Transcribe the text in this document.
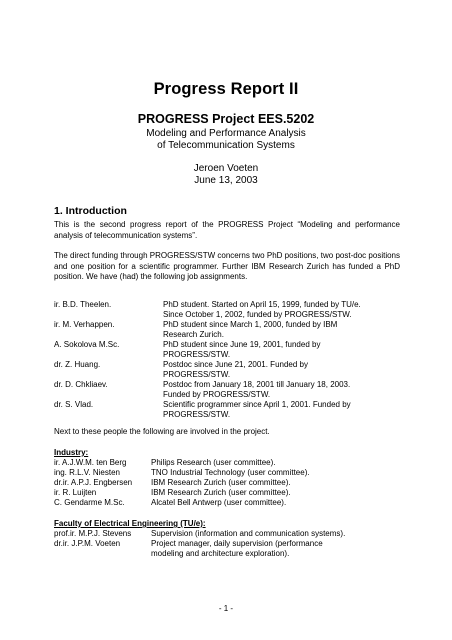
Progress Report II
PROGRESS Project EES.5202
Modeling and Performance Analysis
of Telecommunication Systems
Jeroen Voeten
June 13, 2003
1. Introduction
This is the second progress report of the PROGRESS Project “Modeling and performance analysis of telecommunication systems”.
The direct funding through PROGRESS/STW concerns two PhD positions, two post-doc positions and one position for a scientific programmer. Further IBM Research Zurich has funded a PhD position. We have (had) the following job assignments.
ir. B.D. Theelen.	PhD student. Started on April 15, 1999, funded by TU/e.
Since October 1, 2002, funded by PROGRESS/STW.
ir. M. Verhappen.	PhD student since March 1, 2000, funded by IBM
Research Zurich.
A. Sokolova M.Sc.	PhD student since June 19, 2001, funded by
PROGRESS/STW.
dr. Z. Huang.	Postdoc since June 21, 2001. Funded by
PROGRESS/STW.
dr. D. Chkliaev.	Postdoc from January 18, 2001 till January 18, 2003.
Funded by PROGRESS/STW.
dr. S. Vlad.	Scientific programmer since April 1, 2001. Funded by
PROGRESS/STW.
Next to these people the following are involved in the project.
Industry:
ir. A.J.W.M. ten Berg	Philips Research (user committee).
ing. R.L.V. Niesten	TNO Industrial Technology (user committee).
dr.ir. A.P.J. Engbersen	IBM Research Zurich (user committee).
ir. R. Luijten	IBM Research Zurich (user committee).
C. Gendarme M.Sc.	Alcatel Bell Antwerp (user committee).
Faculty of Electrical Engineering (TU/e):
prof.ir. M.P.J. Stevens	Supervision (information and communication systems).
dr.ir. J.P.M. Voeten	Project manager, daily supervision (performance
modeling and architecture exploration).
- 1 -
